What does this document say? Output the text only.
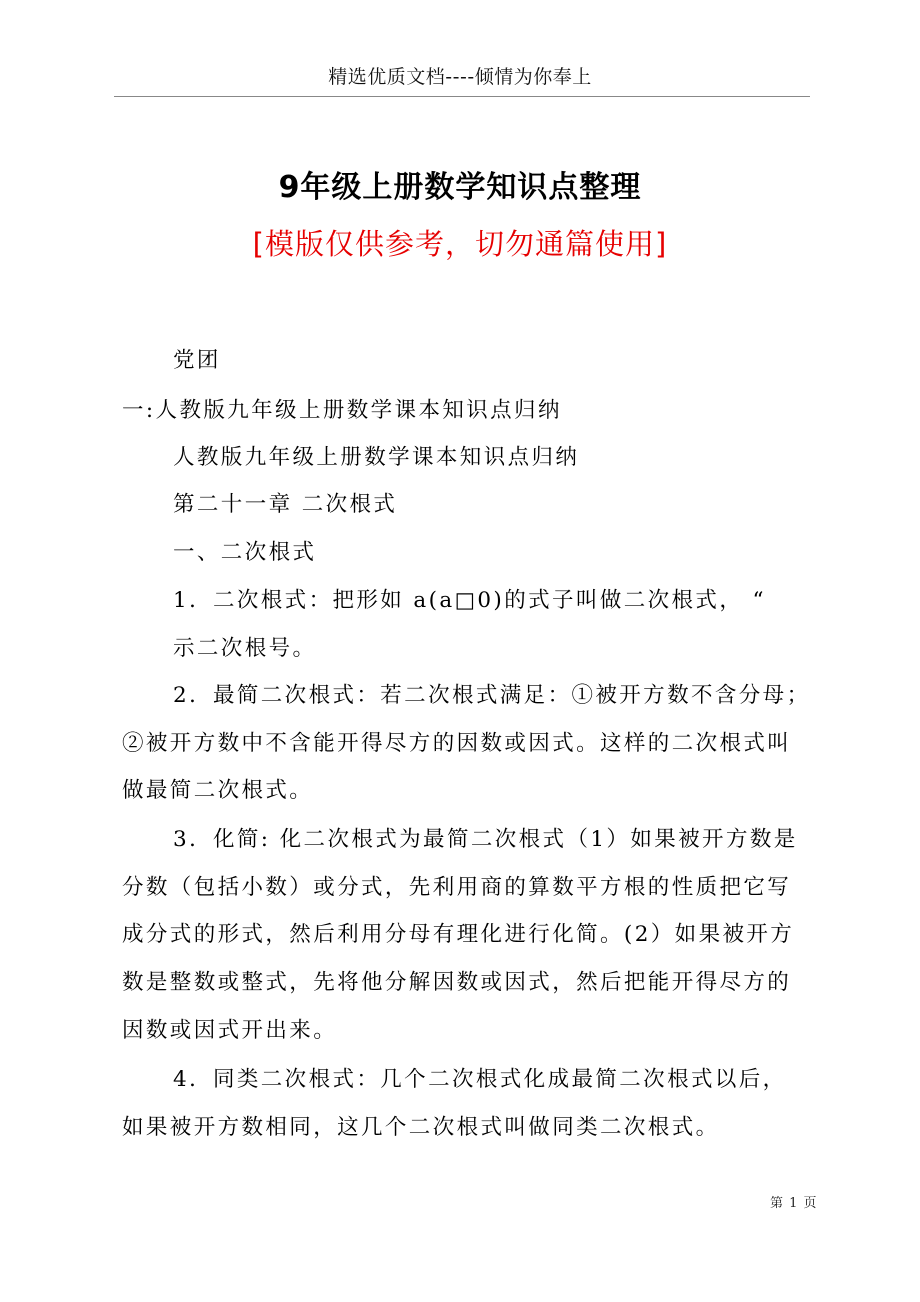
精选优质文档----倾情为你奉上
9年级上册数学知识点整理
[模版仅供参考，切勿通篇使用]
党团
一:人教版九年级上册数学课本知识点归纳
人教版九年级上册数学课本知识点归纳
第二十一章 二次根式
一、二次根式
1．二次根式：把形如 a(a□0)的式子叫做二次根式， “
示二次根号。
2．最简二次根式：若二次根式满足：①被开方数不含分母；
②被开方数中不含能开得尽方的因数或因式。这样的二次根式叫
做最简二次根式。
3．化简: 化二次根式为最简二次根式（1）如果被开方数是
分数（包括小数）或分式，先利用商的算数平方根的性质把它写
成分式的形式，然后利用分母有理化进行化简。(2）如果被开方
数是整数或整式，先将他分解因数或因式，然后把能开得尽方的
因数或因式开出来。
4．同类二次根式：几个二次根式化成最简二次根式以后，
如果被开方数相同，这几个二次根式叫做同类二次根式。
第 1 页
